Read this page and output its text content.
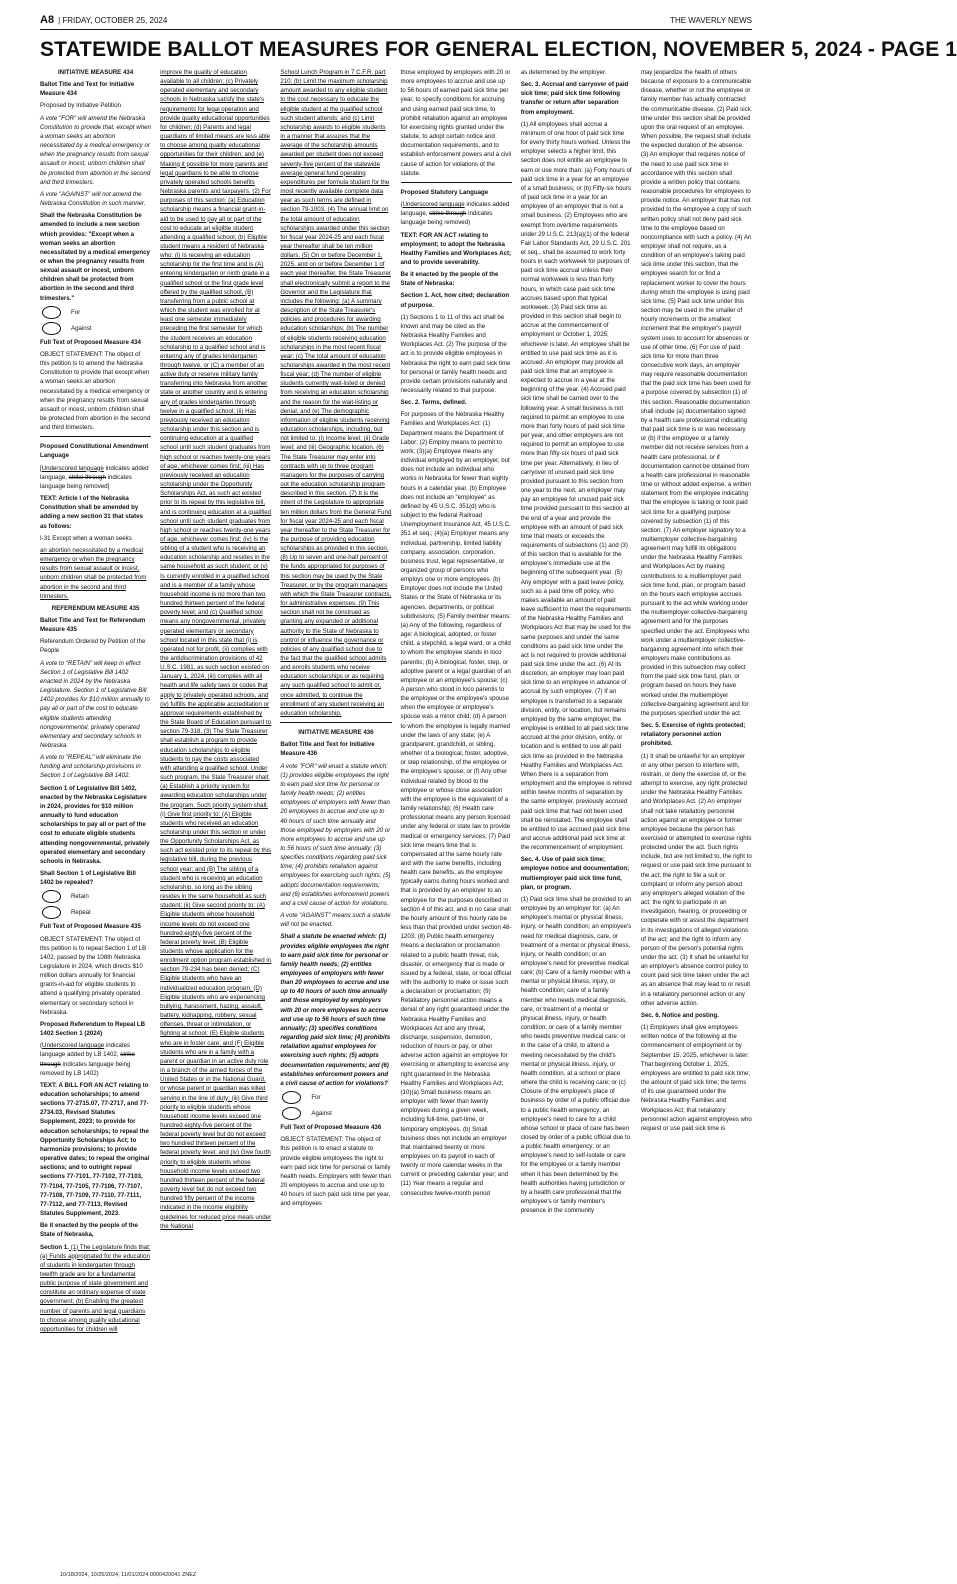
A8 | FRIDAY, OCTOBER 25, 2024	THE WAVERLY NEWS
STATEWIDE BALLOT MEASURES FOR GENERAL ELECTION, NOVEMBER 5, 2024 - PAGE 1

INITIATIVE MEASURE 434

Ballot Title and Text for Initiative Measure 434

Proposed by Initiative Petition

A vote "FOR" will amend the Nebraska Constitution to provide that, except when a woman seeks an abortion necessitated by a medical emergency or when the pregnancy results from sexual assault or incest, unborn children shall be protected from abortion in the second and third trimesters.

A vote "AGAINST" will not amend the Nebraska Constitution in such manner.

Shall the Nebraska Constitution be amended to include a new section which provides: "Except when a woman seeks an abortion necessitated by a medical emergency or when the pregnancy results from sexual assault or incest, unborn children shall be protected from abortion in the second and third trimesters."

For
Against

Full Text of Proposed Measure 434

OBJECT STATEMENT: The object of this petition is to amend the Nebraska Constitution to provide that except when a woman seeks an abortion necessitated by a medical emergency or when the pregnancy results from sexual assault or incest, unborn children shall be protected from abortion in the second and third trimesters.

Proposed Constitutional Amendment Language

[Underscored language indicates added language, strike through indicates language being removed]

TEXT: Article I of the Nebraska Constitution shall be amended by adding a new section 31 that states as follows:

I-31 Except when a woman seeks

an abortion necessitated by a medical emergency or when the pregnancy results from sexual assault or incest, unborn children shall be protected from abortion in the second and third trimesters.

REFERENDUM MEASURE 435

Ballot Title and Text for Referendum Measure 435

Referendum Ordered by Petition of the People

A vote to "RETAIN" will keep in effect Section 1 of Legislative Bill 1402 enacted in 2024 by the Nebraska Legislature. Section 1 of Legislative Bill 1402 provides for $10 million annually to pay all or part of the cost to educate eligible students attending nongovernmental, privately operated elementary and secondary schools in Nebraska.

A vote to "REPEAL" will eliminate the funding and scholarship provisions in Section 1 of Legislative Bill 1402.

Section 1 of Legislative Bill 1402, enacted by the Nebraska Legislature in 2024, provides for $10 million annually to fund education scholarships to pay all or part of the cost to educate eligible students attending nongovernmental, privately operated elementary and secondary schools in Nebraska.

Shall Section 1 of Legislative Bill 1402 be repealed?

Retain
Repeal

Full Text of Proposed Measure 435

OBJECT STATEMENT: The object of this petition is to repeal Section 1 of LB 1402, passed by the 108th Nebraska Legislature in 2024, which directs $10 million dollars annually for financial grants-in-aid for eligible students to attend a qualifying privately operated elementary or secondary school in Nebraska.

Proposed Referendum to Repeal LB 1402 Section 1 (2024)

(Underscored language indicates language added by LB 1402, strike through indicates language being removed by LB 1402)

TEXT: A BILL FOR AN ACT relating to education scholarships; to amend sections 77-2715.07, 77-2717, and 77-2734.03, Revised Statutes Supplement, 2023; to provide for education scholarships; to repeal the Opportunity Scholarships Act; to harmonize provisions; to provide operative dates; to repeal the original sections; and to outright repeal sections 77-7101, 77-7102, 77-7103, 77-7104, 77-7105, 77-7106, 77-7107, 77-7108, 77-7109, 77-7110, 77-7111, 77-7112, and 77-7113, Revised Statutes Supplement, 2023.

Be it enacted by the people of the State of Nebraska,

Section 1. (1) The Legislature finds that: (a) Funds appropriated for the education of students in kindergarten through twelfth grade are for a fundamental public purpose of state government and constitute an ordinary expense of state government; (b) Enabling the greatest number of parents and legal guardians to choose among quality educational opportunities for children will

improve the quality of education available to all children; (c) Privately operated elementary and secondary schools in Nebraska satisfy the state's requirements for legal operation and provide quality educational opportunities for children; (d) Parents and legal guardians of limited means are less able to choose among quality educational opportunities for their children; and (e) Making it possible for more parents and legal guardians to be able to choose privately operated schools benefits Nebraska parents and taxpayers. (2) For purposes of this section: (a) Education scholarship means a financial grant-in-aid to be used to pay all or part of the cost to educate an eligible student attending a qualified school; (b) Eligible student means a resident of Nebraska who: (i) Is receiving an education scholarship for the first time and is (A) entering kindergarten or ninth grade in a qualified school or the first grade level offered by the qualified school, (B) transferring from a public school at which the student was enrolled for at least one semester immediately preceding the first semester for which the student receives an education scholarship to a qualified school and is entering any of grades kindergarten through twelve, or (C) a member of an active duty or reserve military family transferring into Nebraska from another state or another country and is entering any of grades kindergarten through twelve in a qualified school; (ii) Has previously received an education scholarship under this section and is continuing education at a qualified school until such student graduates from high school or reaches twenty-one years of age, whichever comes first; (iii) Has previously received an education scholarship under the Opportunity Scholarships Act, as such act existed prior to its repeal by this legislative bill, and is continuing education at a qualified school until such student graduates from high school or reaches twenty-one years of age, whichever comes first; (iv) Is the sibling of a student who is receiving an education scholarship and resides in the same household as such student; or (v) Is currently enrolled in a qualified school and is a member of a family whose household income is no more than two hundred thirteen percent of the federal poverty level; and (c) Qualified school means any nongovernmental, privately operated elementary or secondary school located in this state that (i) is operated not for profit, (ii) complies with the antidiscrimination provisions of 42 U.S.C. 1981, as such section existed on January 1, 2024, (iii) complies with all health and life safety laws or codes that apply to privately operated schools, and (iv) fulfills the applicable accreditation or approval requirements established by the State Board of Education pursuant to section 79-318. (3) The State Treasurer shall establish a program to provide education scholarships to eligible students to pay the costs associated with attending a qualified school. Under such program, the State Treasurer shall: (a) Establish a priority system for awarding education scholarships under the program. Such priority system shall: (i) Give first priority to: (A) Eligible students who received an education scholarship under this section or under the Opportunity Scholarships Act, as such act existed prior to its repeal by this legislative bill, during the previous school year; and (B) The sibling of a student who is receiving an education scholarship, so long as the sibling resides in the same household as such student; (ii) Give second priority to: (A) Eligible students whose household income levels do not exceed one hundred eighty-five percent of the federal poverty level; (B) Eligible students whose application for the enrollment option program established in section 79-234 has been denied; (C) Eligible students who have an individualized education program; (D) Eligible students who are experiencing bullying, harassment, hazing, assault, battery, kidnapping, robbery, sexual offenses, threat or intimidation, or fighting at school; (E) Eligible students who are in foster care; and (F) Eligible students who are in a family with a parent or guardian in an active duty role in a branch of the armed forces of the United States or in the National Guard, or whose parent or guardian was killed serving in the line of duty; (iii) Give third priority to eligible students whose household income levels exceed one hundred eighty-five percent of the federal poverty level but do not exceed two hundred thirteen percent of the federal poverty level; and (iv) Give fourth priority to eligible students whose household income levels exceed two hundred thirteen percent of the federal poverty level but do not exceed two hundred fifty percent of the income indicated in the income eligibility guidelines for reduced price meals under the National

School Lunch Program in 7 C.F.R. part 210; (b) Limit the maximum scholarship amount awarded to any eligible student to the cost necessary to educate the eligible student at the qualified school such student attends; and (c) Limit scholarship awards to eligible students in a manner that assures that the average of the scholarship amounts awarded per student does not exceed seventy-five percent of the statewide average general fund operating expenditures per formula student for the most recently available complete data year as such terms are defined in section 79-1003. (4) The annual limit on the total amount of education scholarships awarded under this section for fiscal year 2024-25 and each fiscal year thereafter shall be ten million dollars. (5) On or before December 1, 2025, and on or before December 1 of each year thereafter, the State Treasurer shall electronically submit a report to the Governor and the Legislature that includes the following: (a) A summary description of the State Treasurer's policies and procedures for awarding education scholarships; (b) The number of eligible students receiving education scholarships in the most recent fiscal year; (c) The total amount of education scholarships awarded in the most recent fiscal year; (d) The number of eligible students currently wait-listed or denied from receiving an education scholarship and the reason for the wait-listing or denial; and (e) The demographic information of eligible students receiving education scholarships, including, but not limited to: (i) Income level; (ii) Grade level; and (iii) Geographic location. (6) The State Treasurer may enter into contracts with up to three program managers for the purposes of carrying out the education scholarship program described in this section. (7) It is the intent of the Legislature to appropriate ten million dollars from the General Fund for fiscal year 2024-25 and each fiscal year thereafter to the State Treasurer for the purpose of providing education scholarships as provided in this section. (8) Up to seven and one-half percent of the funds appropriated for purposes of this section may be used by the State Treasurer, or by the program managers with which the State Treasurer contracts, for administrative expenses. (9) This section shall not be construed as granting any expanded or additional authority to the State of Nebraska to control or influence the governance or policies of any qualified school due to the fact that the qualified school admits and enrolls students who receive education scholarships or as requiring any such qualified school to admit or, once admitted, to continue the enrollment of any student receiving an education scholarship.

INITIATIVE MEASURE 436

Ballot Title and Text for Initiative Measure 436

A vote "FOR" will enact a statute which: (1) provides eligible employees the right to earn paid sick time for personal or family health needs; (2) entitles employees of employers with fewer than 20 employees to accrue and use up to 40 hours of such time annually and those employed by employers with 20 or more employees to accrue and use up to 56 hours of such time annually; (3) specifies conditions regarding paid sick time; (4) prohibits retaliation against employees for exercising such rights; (5) adopts documentation requirements; and (6) establishes enforcement powers and a civil cause of action for violations.

A vote "AGAINST" means such a statute will not be enacted.

Shall a statute be enacted which: (1) provides eligible employees the right to earn paid sick time for personal or family health needs; (2) entitles employees of employers with fewer than 20 employees to accrue and use up to 40 hours of such time annually and those employed by employers with 20 or more employees to accrue and use up to 56 hours of such time annually; (3) specifies conditions regarding paid sick time; (4) prohibits retaliation against employees for exercising such rights; (5) adopts documentation requirements; and (6) establishes enforcement powers and a civil cause of action for violations?

For
Against

Full Text of Proposed Measure 436

OBJECT STATEMENT: The object of this petition is to enact a statute to provide eligible employees the right to earn paid sick time for personal or family health needs. Employers with fewer than 20 employees to accrue and use up to 40 hours of such paid sick time per year, and employees

those employed by employers with 20 or more employees to accrue and use up to 56 hours of earned paid sick time per year, to specify conditions for accruing and using earned paid sick time, to prohibit retaliation against an employee for exercising rights granted under the statute, to adopt certain notice and documentation requirements, and to establish enforcement powers and a civil cause of action for violations of the statute.

Proposed Statutory Language

(Underscored language indicates added language, strike through indicates language being removed)

TEXT: FOR AN ACT relating to employment; to adopt the Nebraska Healthy Families and Workplaces Act; and to provide severability.

Be it enacted by the people of the State of Nebraska:

Section 1. Act, how cited; declaration of purpose.

(1) Sections 1 to 11 of this act shall be known and may be cited as the Nebraska Healthy Families and Workplaces Act. (2) The purpose of the act is to provide eligible employees in Nebraska the right to earn paid sick time for personal or family health needs and provide certain provisions naturally and necessarily related to that purpose.

Sec. 2. Terms, defined.

For purposes of the Nebraska Healthy Families and Workplaces Act: (1) Department means the Department of Labor; (2) Employ means to permit to work; (3)(a) Employee means any individual employed by an employer, but does not include an individual who works in Nebraska for fewer than eighty hours in a calendar year. (b) Employee does not include an "employee" as defined by 45 U.S.C. 351(d) who is subject to the federal Railroad Unemployment Insurance Act, 45 U.S.C. 351 et seq.; (4)(a) Employer means any individual, partnership, limited liability company, association, corporation, business trust, legal representative, or organized group of persons who employs one or more employees. (b) Employer does not include the United States or the State of Nebraska or its agencies, departments, or political subdivisions; (5) Family member means: (a) Any of the following, regardless of age: A biological, adopted, or foster child, a stepchild, a legal ward, or a child to whom the employee stands in loco parentis; (b) A biological, foster, step, or adoptive parent or a legal guardian of an employee or an employee's spouse; (c) A person who stood in loco parentis to the employee or the employee's spouse when the employee or employee's spouse was a minor child; (d) A person to whom the employee is legally married under the laws of any state; (e) A grandparent, grandchild, or sibling, whether of a biological, foster, adoptive, or step relationship, of the employee or the employee's spouse; or (f) Any other individual related by blood to the employee or whose close association with the employee is the equivalent of a family relationship; (6) Health care professional means any person licensed under any federal or state law to provide medical or emergency services; (7) Paid sick time means time that is compensated at the same hourly rate and with the same benefits, including health care benefits, as the employee typically earns during hours worked and that is provided by an employer to an employee for the purposes described in section 4 of this act, and in no case shall the hourly amount of this hourly rate be less than that provided under section 48-1203; (8) Public health emergency means a declaration or proclamation related to a public health threat, risk, disaster, or emergency that is made or issued by a federal, state, or local official with the authority to make or issue such a declaration or proclamation; (9) Retaliatory personnel action means a denial of any right guaranteed under the Nebraska Healthy Families and Workplaces Act and any threat, discharge, suspension, demotion, reduction of hours or pay, or other adverse action against an employee for exercising or attempting to exercise any right guaranteed in the Nebraska Healthy Families and Workplaces Act; (10)(a) Small business means an employer with fewer than twenty employees during a given week, including full-time, part-time, or temporary employees. (b) Small business does not include an employer that maintained twenty or more employees on its payroll in each of twenty or more calendar weeks in the current or preceding calendar year; and (11) Year means a regular and consecutive twelve-month period

as determined by the employer.

Sec. 3. Accrual and carryover of paid sick time; paid sick time following transfer or return after separation from employment.

(1) All employees shall accrue a minimum of one hour of paid sick time for every thirty hours worked. Unless the employer selects a higher limit, this section does not entitle an employee to earn or use more than: (a) Forty hours of paid sick time in a year for an employee of a small business; or (b) Fifty-six hours of paid sick time in a year for an employee of an employer that is not a small business. (2) Employees who are exempt from overtime requirements under 29 U.S.C. 213(a)(1) of the federal Fair Labor Standards Act, 29 U.S.C. 201 et seq., shall be assumed to work forty hours in each workweek for purposes of paid sick time accrual unless their normal workweek is less than forty hours, in which case paid sick time accrues based upon that typical workweek. (3) Paid sick time as provided in this section shall begin to accrue at the commencement of employment or October 1, 2025, whichever is later. An employee shall be entitled to use paid sick time as it is accrued. An employer may provide all paid sick time that an employee is expected to accrue in a year at the beginning of the year. (4) Accrued paid sick time shall be carried over to the following year. A small business is not required to permit an employee to use more than forty hours of paid sick time per year, and other employers are not required to permit an employee to use more than fifty-six hours of paid sick time per year. Alternatively, in lieu of carryover of unused paid sick time provided pursuant to this section from one year to the next, an employer may pay an employee for unused paid sick time provided pursuant to this section at the end of a year and provide the employee with an amount of paid sick time that meets or exceeds the requirements of subsections (1) and (3) of this section that is available for the employee's immediate use at the beginning of the subsequent year. (5) Any employer with a paid leave policy, such as a paid time off policy, who makes available an amount of paid leave sufficient to meet the requirements of the Nebraska Healthy Families and Workplaces Act that may be used for the same purposes and under the same conditions as paid sick time under the act is not required to provide additional paid sick time under the act. (6) At its discretion, an employer may loan paid sick time to an employee in advance of accrual by such employee. (7) If an employee is transferred to a separate division, entity, or location, but remains employed by the same employer, the employee is entitled to all paid sick time accrued at the prior division, entity, or location and is entitled to use all paid sick time as provided in the Nebraska Healthy Families and Workplaces Act. When there is a separation from employment and the employee is rehired within twelve months of separation by the same employer, previously accrued paid sick time that had not been used shall be reinstated. The employee shall be entitled to use accrued paid sick time and accrue additional paid sick time at the recommencement of employment.

Sec. 4. Use of paid sick time; employee notice and documentation; multiemployer paid sick time fund, plan, or program.

(1) Paid sick time shall be provided to an employee by an employer for: (a) An employee's mental or physical illness, injury, or health condition; an employee's need for medical diagnosis, care, or treatment of a mental or physical illness, injury, or health condition; or an employee's need for preventive medical care; (b) Care of a family member with a mental or physical illness, injury, or health condition; care of a family member who needs medical diagnosis, care, or treatment of a mental or physical illness, injury, or health condition; or care of a family member who needs preventive medical care; or in the case of a child, to attend a meeting necessitated by the child's mental or physical illness, injury, or health condition, at a school or place where the child is receiving care; or (c) Closure of the employee's place of business by order of a public official due to a public health emergency; an employee's need to care for a child whose school or place of care has been closed by order of a public official due to a public health emergency; or an employee's need to self-isolate or care for the employee or a family member when it has been determined by the health authorities having jurisdiction or by a health care professional that the employee's or family member's presence in the community

may jeopardize the health of others because of exposure to a communicable disease, whether or not the employee or family member has actually contracted the communicable disease. (2) Paid sick time under this section shall be provided upon the oral request of an employee. When possible, the request shall include the expected duration of the absence. (3) An employer that requires notice of the need to use paid sick time in accordance with this section shall provide a written policy that contains reasonable procedures for employees to provide notice. An employer that has not provided to the employee a copy of such written policy shall not deny paid sick time to the employee based on noncompliance with such a policy. (4) An employer shall not require, as a condition of an employee's taking paid sick time under this section, that the employee search for or find a replacement worker to cover the hours during which the employee is using paid sick time. (5) Paid sick time under this section may be used in the smaller of hourly increments or the smallest increment that the employer's payroll system uses to account for absences or use of other time. (6) For use of paid sick time for more than three consecutive work days, an employer may require reasonable documentation that the paid sick time has been used for a purpose covered by subsection (1) of this section. Reasonable documentation shall include (a) documentation signed by a health care professional indicating that paid sick time is or was necessary or (b) if the employee or a family member did not receive services from a health care professional, or if documentation cannot be obtained from a health care professional in reasonable time or without added expense, a written statement from the employee indicating that the employee is taking or took paid sick time for a qualifying purpose covered by subsection (1) of this section. (7) An employer signatory to a multiemployer collective-bargaining agreement may fulfill its obligations under the Nebraska Healthy Families and Workplaces Act by making contributions to a multiemployer paid sick time fund, plan, or program based on the hours each employee accrues pursuant to the act while working under the multiemployer collective-bargaining agreement and for the purposes specified under the act. Employees who work under a multiemployer collective-bargaining agreement into which their employers make contributions as provided in this subsection may collect from the paid sick time fund, plan, or program based on hours they have worked under the multiemployer collective-bargaining agreement and for the purposes specified under the act.

Sec. 5. Exercise of rights protected; retaliatory personnel action prohibited.

(1) It shall be unlawful for an employer or any other person to interfere with, restrain, or deny the exercise of, or the attempt to exercise, any right protected under the Nebraska Healthy Families and Workplaces Act. (2) An employer shall not take retaliatory personnel action against an employee or former employee because the person has exercised or attempted to exercise rights protected under the act. Such rights include, but are not limited to, the right to request or use paid sick time pursuant to the act; the right to file a suit or complaint or inform any person about any employer's alleged violation of the act; the right to participate in an investigation, hearing, or proceeding or cooperate with or assist the department in its investigations of alleged violations of the act; and the right to inform any person of the person's potential rights under the act. (3) It shall be unlawful for an employer's absence control policy to count paid sick time taken under the act as an absence that may lead to or result in a retaliatory personnel action or any other adverse action.

Sec. 6. Notice and posting.

(1) Employers shall give employees written notice of the following at the commencement of employment or by September 15, 2025, whichever is later: That beginning October 1, 2025, employees are entitled to paid sick time; the amount of paid sick time; the terms of its use guaranteed under the Nebraska Healthy Families and Workplaces Act; that retaliatory personnel action against employees who request or use paid sick time is

10/18/2024, 10/25/2024, 11/01/2024 0000420041 ZNEZ
